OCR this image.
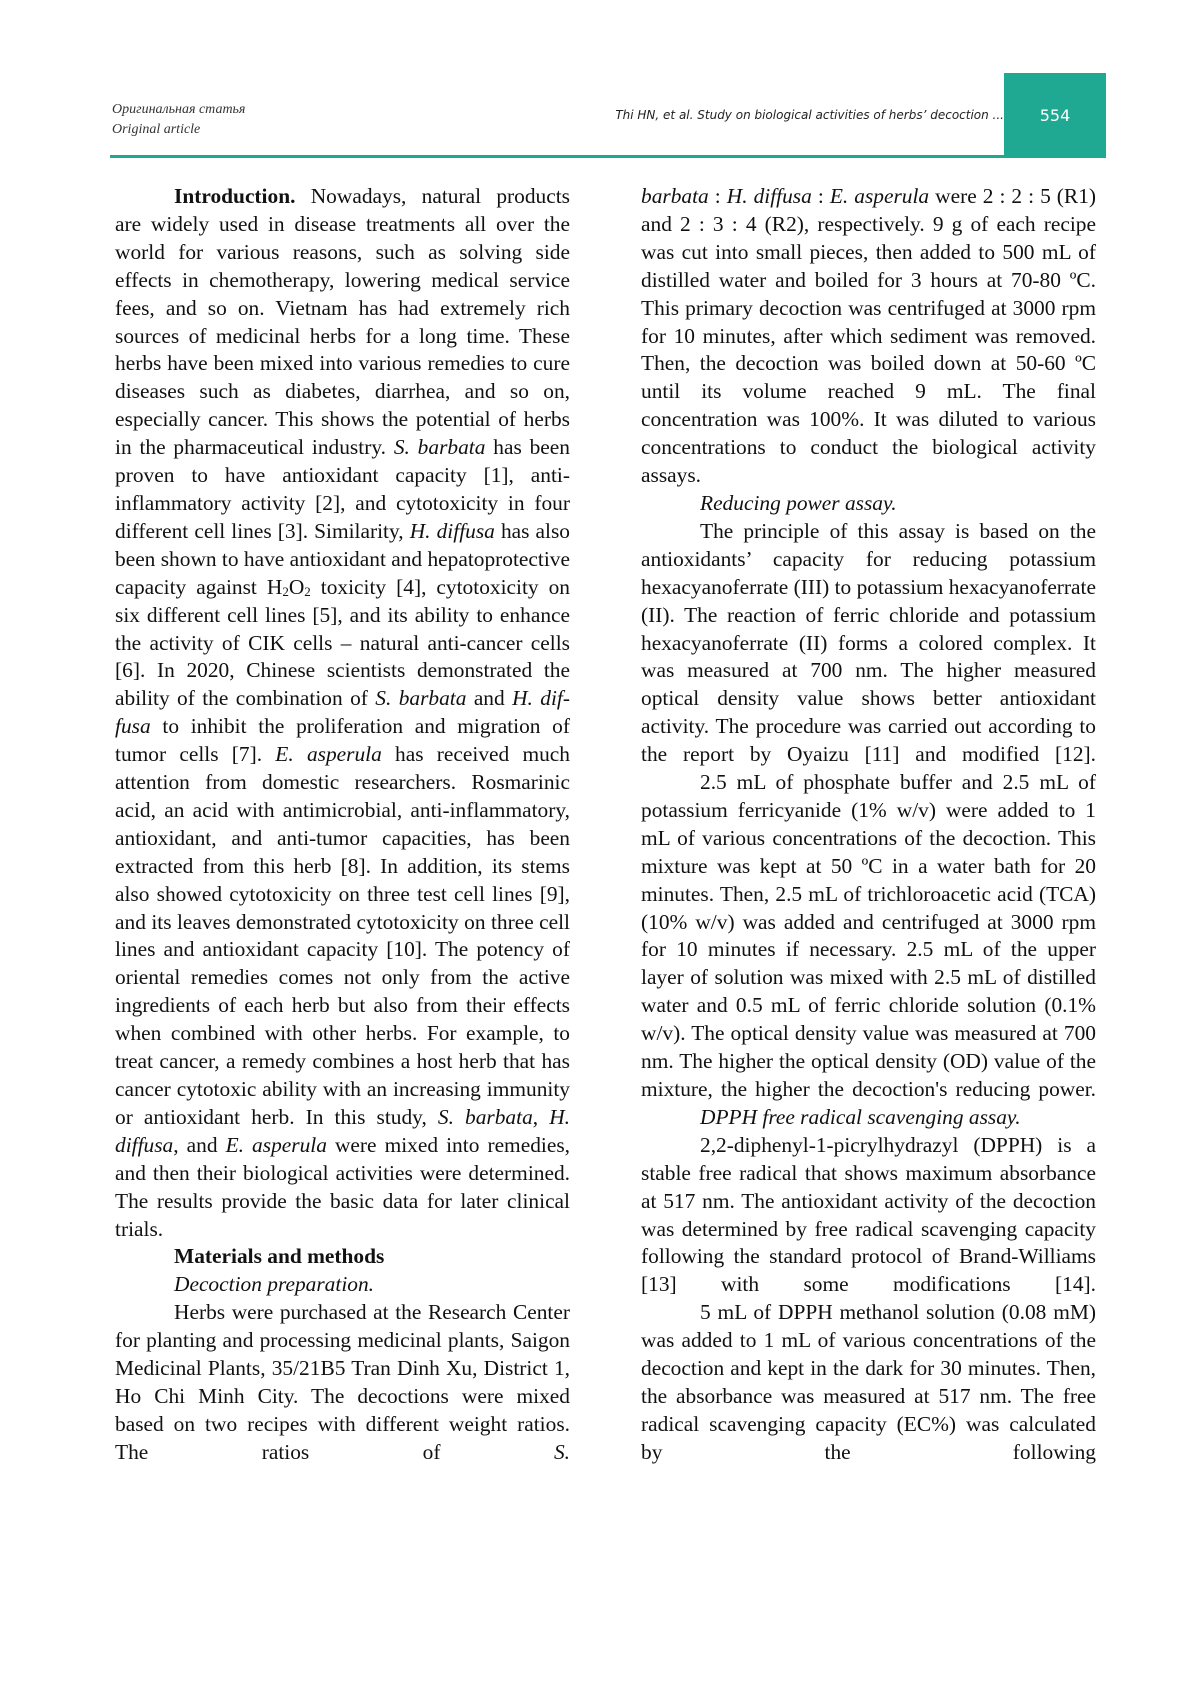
Оригинальная статья
Original article
Thi HN, et al. Study on biological activities of herbs’ decoction ... 554

Introduction. Nowadays, natural products are widely used in disease treatments all over the world for various reasons, such as solving side effects in chemotherapy, lowering medical service fees, and so on. Vietnam has had extremely rich sources of medicinal herbs for a long time. These herbs have been mixed into various remedies to cure diseases such as diabetes, diarrhea, and so on, especially cancer. This shows the potential of herbs in the pharmaceutical industry. S. barbata has been proven to have antioxidant capacity [1], anti-inflammatory activity [2], and cytotoxicity in four different cell lines [3]. Similarity, H. diffusa has also been shown to have antioxidant and hepatoprotective capacity against $H_2O_2$ toxicity [4], cytotoxicity on six different cell lines [5], and its ability to enhance the activity of CIK cells – natural anti-cancer cells [6]. In 2020, Chinese scientists demonstrated the ability of the combination of S. barbata and H. diffusa to inhibit the proliferation and migration of tumor cells [7]. E. asperula has received much attention from domestic researchers. Rosmarinic acid, an acid with antimicrobial, anti-inflammatory, antioxidant, and anti-tumor capacities, has been extracted from this herb [8]. In addition, its stems also showed cytotoxicity on three test cell lines [9], and its leaves demonstrated cytotoxicity on three cell lines and antioxidant capacity [10]. The potency of oriental remedies comes not only from the active ingredients of each herb but also from their effects when combined with other herbs. For example, to treat cancer, a remedy combines a host herb that has cancer cytotoxic ability with an increasing immunity or antioxidant herb. In this study, S. barbata, H. diffusa, and E. asperula were mixed into remedies, and then their biological activities were determined. The results provide the basic data for later clinical trials.

Materials and methods

Decoction preparation.

Herbs were purchased at the Research Center for planting and processing medicinal plants, Saigon Medicinal Plants, 35/21B5 Tran Dinh Xu, District 1, Ho Chi Minh City. The decoctions were mixed based on two recipes with different weight ratios. The ratios of S.

barbata : H. diffusa : E. asperula were 2 : 2 : 5 (R1) and 2 : 3 : 4 (R2), respectively. 9 g of each recipe was cut into small pieces, then added to 500 mL of distilled water and boiled for 3 hours at 70-80 ºC. This primary decoction was centrifuged at 3000 rpm for 10 minutes, after which sediment was removed. Then, the decoction was boiled down at 50-60 ºC until its volume reached 9 mL. The final concentration was 100%. It was diluted to various concentrations to conduct the biological activity assays.

Reducing power assay.

The principle of this assay is based on the antioxidants’ capacity for reducing potassium hexacyanoferrate (III) to potassium hexacyanoferrate (II). The reaction of ferric chloride and potassium hexacyanoferrate (II) forms a colored complex. It was measured at 700 nm. The higher measured optical density value shows better antioxidant activity. The procedure was carried out according to the report by Oyaizu [11] and modified [12].

2.5 mL of phosphate buffer and 2.5 mL of potassium ferricyanide (1% w/v) were added to 1 mL of various concentrations of the decoction. This mixture was kept at 50 ºC in a water bath for 20 minutes. Then, 2.5 mL of trichloroacetic acid (TCA) (10% w/v) was added and centrifuged at 3000 rpm for 10 minutes if necessary. 2.5 mL of the upper layer of solution was mixed with 2.5 mL of distilled water and 0.5 mL of ferric chloride solution (0.1% w/v). The optical density value was measured at 700 nm. The higher the optical density (OD) value of the mixture, the higher the decoction's reducing power.

DPPH free radical scavenging assay.

2,2-diphenyl-1-picrylhydrazyl (DPPH) is a stable free radical that shows maximum absorbance at 517 nm. The antioxidant activity of the decoction was determined by free radical scavenging capacity following the standard protocol of Brand-Williams [13] with some modifications [14].

5 mL of DPPH methanol solution (0.08 mM) was added to 1 mL of various concentrations of the decoction and kept in the dark for 30 minutes. Then, the absorbance was measured at 517 nm. The free radical scavenging capacity (EC%) was calculated by the following
